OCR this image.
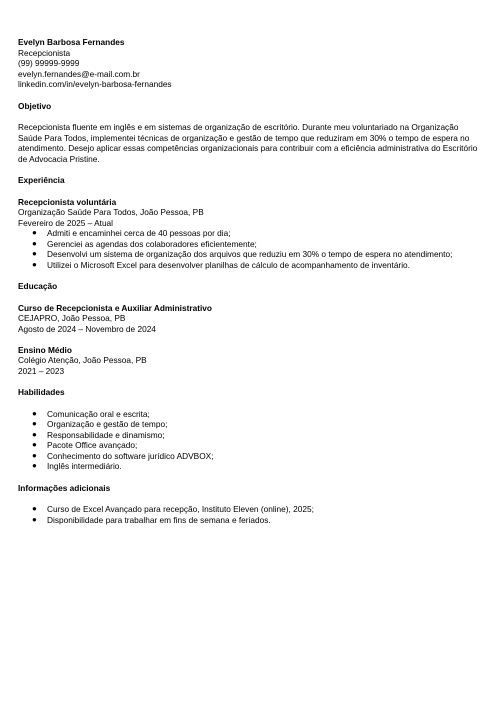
Evelyn Barbosa Fernandes
Recepcionista
(99) 99999-9999
evelyn.fernandes@e-mail.com.br
linkedin.com/in/evelyn-barbosa-fernandes
Objetivo

Recepcionista fluente em inglês e em sistemas de organização de escritório. Durante meu voluntariado na Organização Saúde Para Todos, implementei técnicas de organização e gestão de tempo que reduziram em 30% o tempo de espera no atendimento. Desejo aplicar essas competências organizacionais para contribuir com a eficiência administrativa do Escritório de Advocacia Pristine.

Experiência
Recepcionista voluntária
Organização Saúde Para Todos, João Pessoa, PB
Fevereiro de 2025 – Atual
● Admiti e encaminhei cerca de 40 pessoas por dia;
● Gerenciei as agendas dos colaboradores eficientemente;
● Desenvolvi um sistema de organização dos arquivos que reduziu em 30% o tempo de espera no atendimento;
● Utilizei o Microsoft Excel para desenvolver planilhas de cálculo de acompanhamento de inventário.
Educação
Curso de Recepcionista e Auxiliar Administrativo
CEJAPRO, João Pessoa, PB
Agosto de 2024 – Novembro de 2024
Ensino Médio
Colégio Atenção, João Pessoa, PB
2021 – 2023
Habilidades
● Comunicação oral e escrita;
● Organização e gestão de tempo;
● Responsabilidade e dinamismo;
● Pacote Office avançado;
● Conhecimento do software jurídico ADVBOX;
● Inglês intermediário.
Informações adicionais
● Curso de Excel Avançado para recepção, Instituto Eleven (online), 2025;
● Disponibilidade para trabalhar em fins de semana e feriados.
